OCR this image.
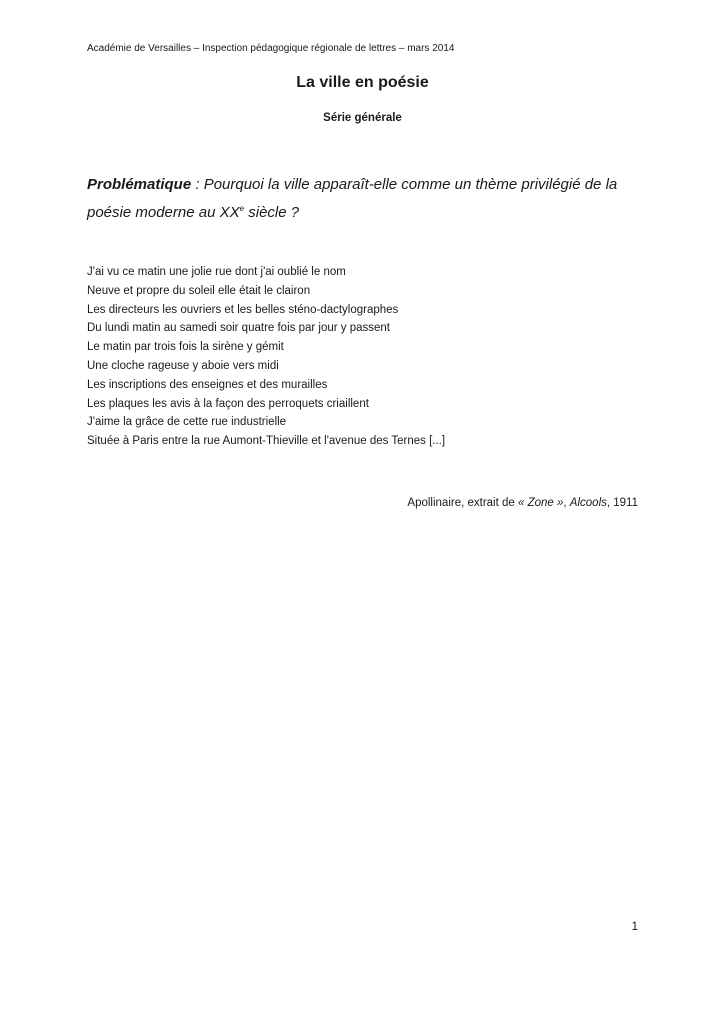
Académie de Versailles – Inspection pédagogique régionale de lettres – mars 2014
La ville en poésie
Série générale
Problématique : Pourquoi la ville apparaît-elle comme un thème privilégié de la poésie moderne au XXe siècle ?
J'ai vu ce matin une jolie rue dont j'ai oublié le nom
Neuve et propre du soleil elle était le clairon
Les directeurs les ouvriers et les belles sténo-dactylographes
Du lundi matin au samedi soir quatre fois par jour y passent
Le matin par trois fois la sirène y gémit
Une cloche rageuse y aboie vers midi
Les inscriptions des enseignes et des murailles
Les plaques les avis à la façon des perroquets criaillent
J'aime la grâce de cette rue industrielle
Située à Paris entre la rue Aumont-Thieville et l'avenue des Ternes [...]
Apollinaire, extrait de « Zone », Alcools, 1911
1
